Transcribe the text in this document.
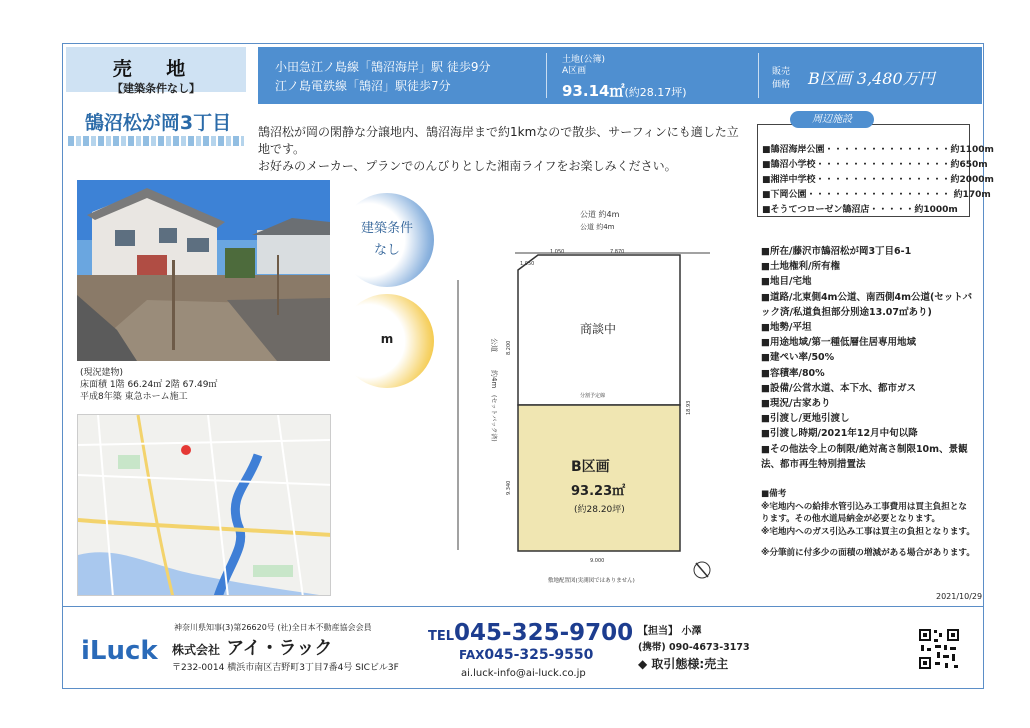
売 地
【建築条件なし】
鵠沼松が岡3丁目
小田急江ノ島線「鵠沼海岸」駅 徒歩9分
江ノ島電鉄線「鵠沼」駅徒歩7分
土地(公簿)
A区画
93.14㎡(約28.17坪)
販売
価格 B区画 3,480万円
鵠沼松が岡の閑静な分譲地内、鵠沼海岸まで約1kmなので散歩、サーフィンにも適した立地です。
お好みのメーカー、プランでのんびりとした湘南ライフをお楽しみください。
(現況建物)
床面積 1階 66.24㎡ 2階 67.49㎡
平成8年築 東急ホーム施工
建築条件
なし
m
公道 約4m
公道 約4m
分割予定線
商談中
B区画
93.23㎡
(約28.20坪)
1.050	7.870
1.050
8.200
9.340
18.93
9.000
公道
約4m
(セットバック済)
敷地配置図(実測図ではありません)
周辺施設
■鵠沼海岸公園・・・・・・・・・・・・・・約1100m
■鵠沼小学校・・・・・・・・・・・・・・・約650m
■湘洋中学校・・・・・・・・・・・・・・・約2000m
■下岡公園・・・・・・・・・・・・・・・・ 約170m
■そうてつローゼン鵠沼店・・・・・約1000m
■所在/藤沢市鵠沼松が岡3丁目6-1
■土地権利/所有権
■地目/宅地
■道路/北東側4m公道、南西側4m公道(セットバック済/私道負担部分別途13.07㎡あり)
■地勢/平坦
■用途地域/第一種低層住居専用地域
■建ぺい率/50%
■容積率/80%
■設備/公営水道、本下水、都市ガス
■現況/古家あり
■引渡し/更地引渡し
■引渡し時期/2021年12月中旬以降
■その他法令上の制限/絶対高さ制限10m、景観法、都市再生特別措置法
■備考
※宅地内への給排水管引込み工事費用は買主負担となります。その他水道局納金が必要となります。
※宅地内へのガス引込み工事は買主の負担となります。
※分筆前に付多少の面積の増減がある場合があります。
2021/10/29
iLuck
神奈川県知事(3)第26620号 (社)全日本不動産協会会員
株式会社 アイ・ラック
〒232-0014 横浜市南区吉野町3丁目7番4号 SICビル3F
TEL045-325-9700
FAX045-325-9550
ai.luck-info@ai-luck.co.jp
【担当】 小澤
(携帯) 090-4673-3173
◆ 取引態様:売主
